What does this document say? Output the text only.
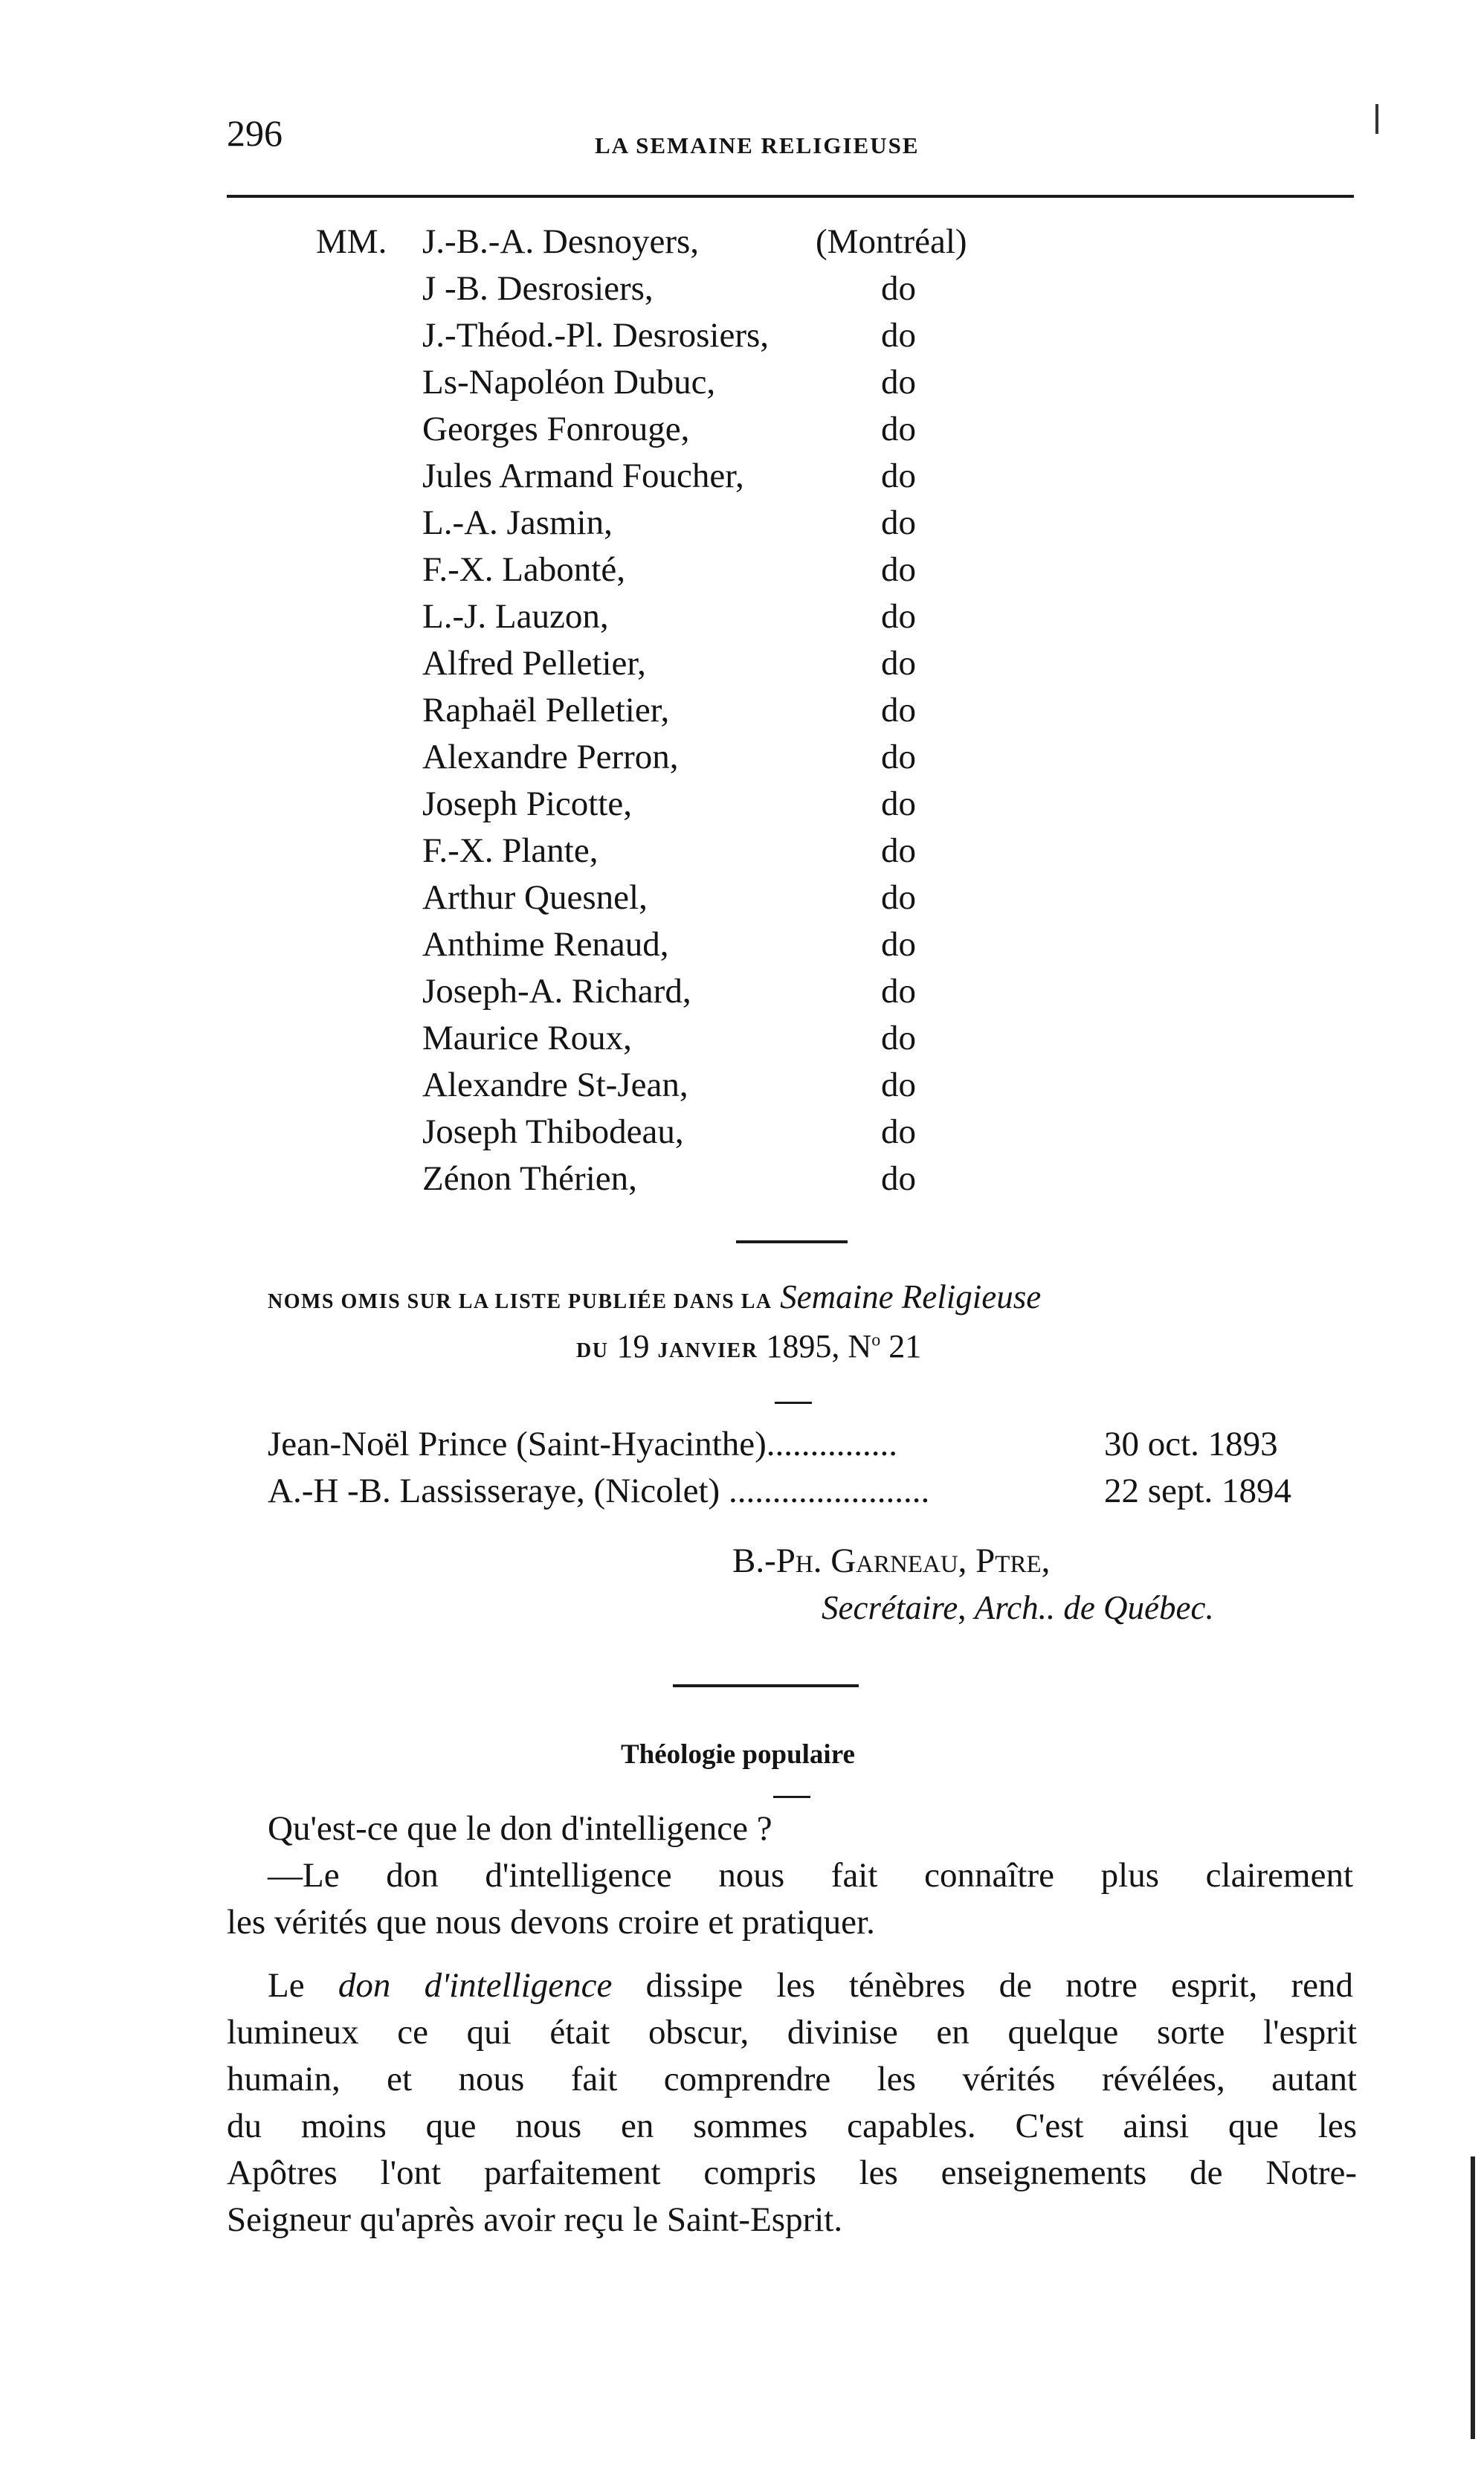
296	LA SEMAINE RELIGIEUSE
MM. J.-B.-A. Desnoyers,	(Montréal)
J -B. Desrosiers,	do
J.-Théod.-Pl. Desrosiers,	do
Ls-Napoléon Dubuc,	do
Georges Fonrouge,	do
Jules Armand Foucher,	do
L.-A. Jasmin,	do
F.-X. Labonté,	do
L.-J. Lauzon,	do
Alfred Pelletier,	do
Raphaël Pelletier,	do
Alexandre Perron,	do
Joseph Picotte,	do
F.-X. Plante,	do
Arthur Quesnel,	do
Anthime Renaud,	do
Joseph-A. Richard,	do
Maurice Roux,	do
Alexandre St-Jean,	do
Joseph Thibodeau,	do
Zénon Thérien,	do
NOMS OMIS SUR LA LISTE PUBLIÉE DANS LA Semaine Religieuse
DU 19 JANVIER 1895, $N^o$ 21
Jean-Noël Prince (Saint-Hyacinthe)...............	30 oct. 1893
A.-H -B. Lassisseraye, (Nicolet) .......................	22 sept. 1894
B.-Ph. Garneau, Ptre,
Secrétaire, Arch.. de Québec.
Théologie populaire
Qu'est-ce que le don d'intelligence ?
—Le don d'intelligence nous fait connaître plus clairement
les vérités que nous devons croire et pratiquer.
Le don d'intelligence dissipe les ténèbres de notre esprit, rend
lumineux ce qui était obscur, divinise en quelque sorte l'esprit
humain, et nous fait comprendre les vérités révélées, autant
du moins que nous en sommes capables. C'est ainsi que les
Apôtres l'ont parfaitement compris les enseignements de Notre-
Seigneur qu'après avoir reçu le Saint-Esprit.
